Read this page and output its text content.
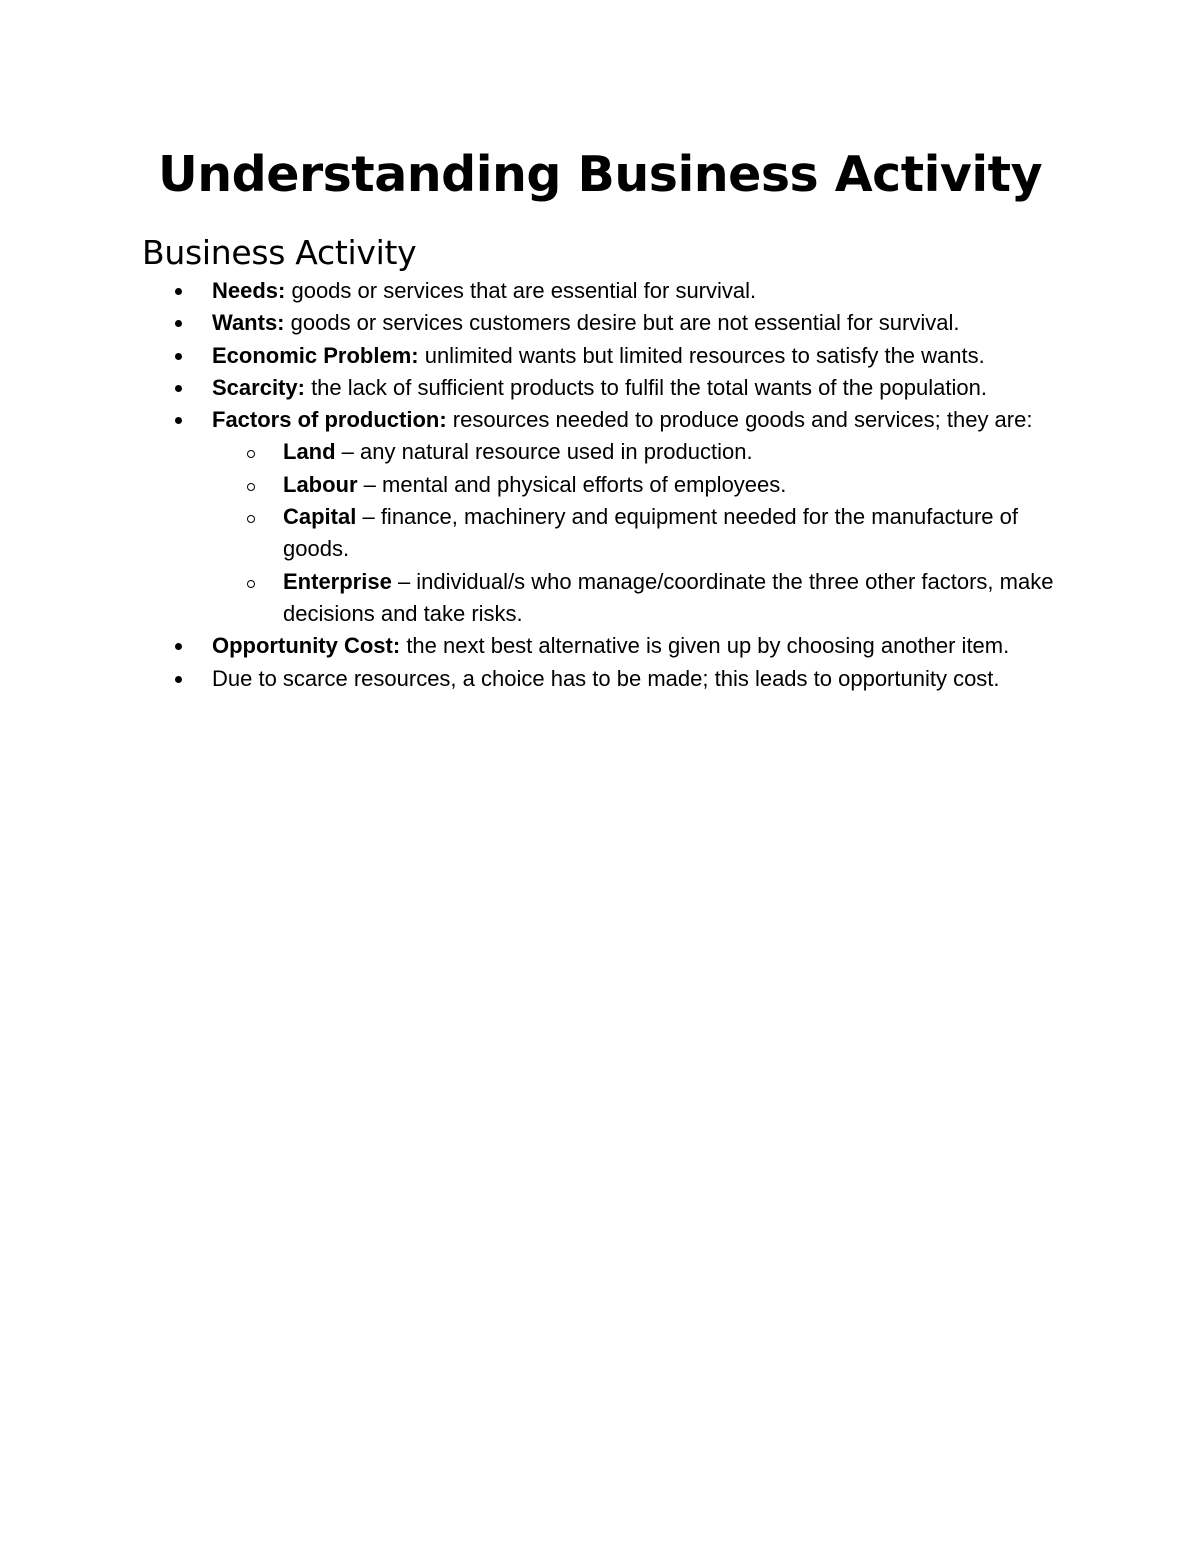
Understanding Business Activity
Business Activity
Needs: goods or services that are essential for survival.
Wants: goods or services customers desire but are not essential for survival.
Economic Problem: unlimited wants but limited resources to satisfy the wants.
Scarcity: the lack of sufficient products to fulfil the total wants of the population.
Factors of production: resources needed to produce goods and services; they are:
Land – any natural resource used in production.
Labour – mental and physical efforts of employees.
Capital – finance, machinery and equipment needed for the manufacture of goods.
Enterprise – individual/s who manage/coordinate the three other factors, make decisions and take risks.
Opportunity Cost: the next best alternative is given up by choosing another item.
Due to scarce resources, a choice has to be made; this leads to opportunity cost.
